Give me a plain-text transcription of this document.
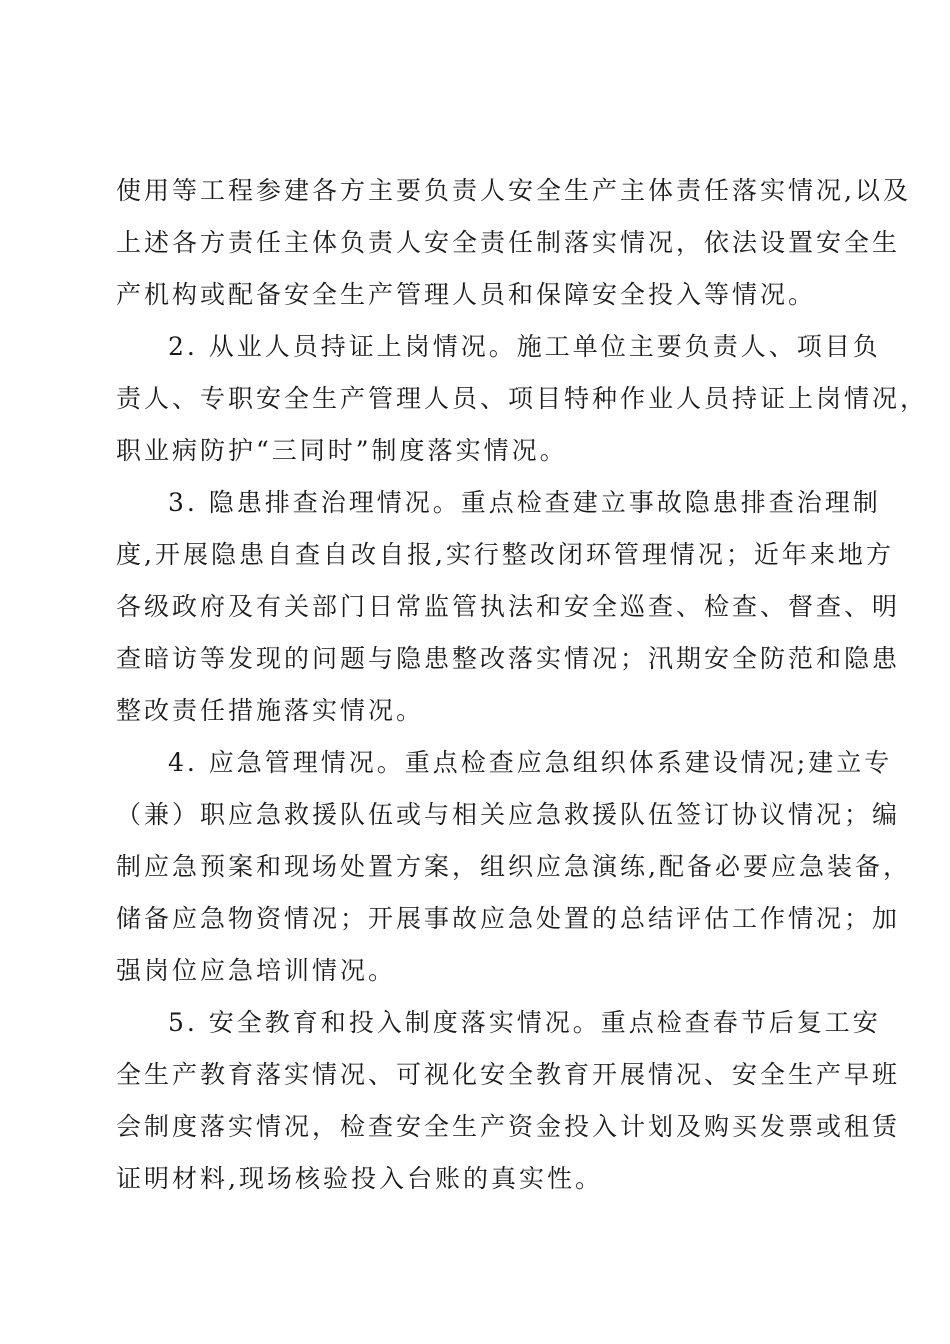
使用等工程参建各方主要负责人安全生产主体责任落实情况,以及
上述各方责任主体负责人安全责任制落实情况，依法设置安全生
产机构或配备安全生产管理人员和保障安全投入等情况。
2. 从业人员持证上岗情况。施工单位主要负责人、项目负
责人、专职安全生产管理人员、项目特种作业人员持证上岗情况，
职业病防护“三同时”制度落实情况。
3. 隐患排查治理情况。重点检查建立事故隐患排查治理制
度,开展隐患自查自改自报,实行整改闭环管理情况；近年来地方
各级政府及有关部门日常监管执法和安全巡查、检查、督查、明
查暗访等发现的问题与隐患整改落实情况；汛期安全防范和隐患
整改责任措施落实情况。
4. 应急管理情况。重点检查应急组织体系建设情况;建立专
（兼）职应急救援队伍或与相关应急救援队伍签订协议情况；编
制应急预案和现场处置方案，组织应急演练,配备必要应急装备，
储备应急物资情况；开展事故应急处置的总结评估工作情况；加
强岗位应急培训情况。
5. 安全教育和投入制度落实情况。重点检查春节后复工安
全生产教育落实情况、可视化安全教育开展情况、安全生产早班
会制度落实情况，检查安全生产资金投入计划及购买发票或租赁
证明材料,现场核验投入台账的真实性。
